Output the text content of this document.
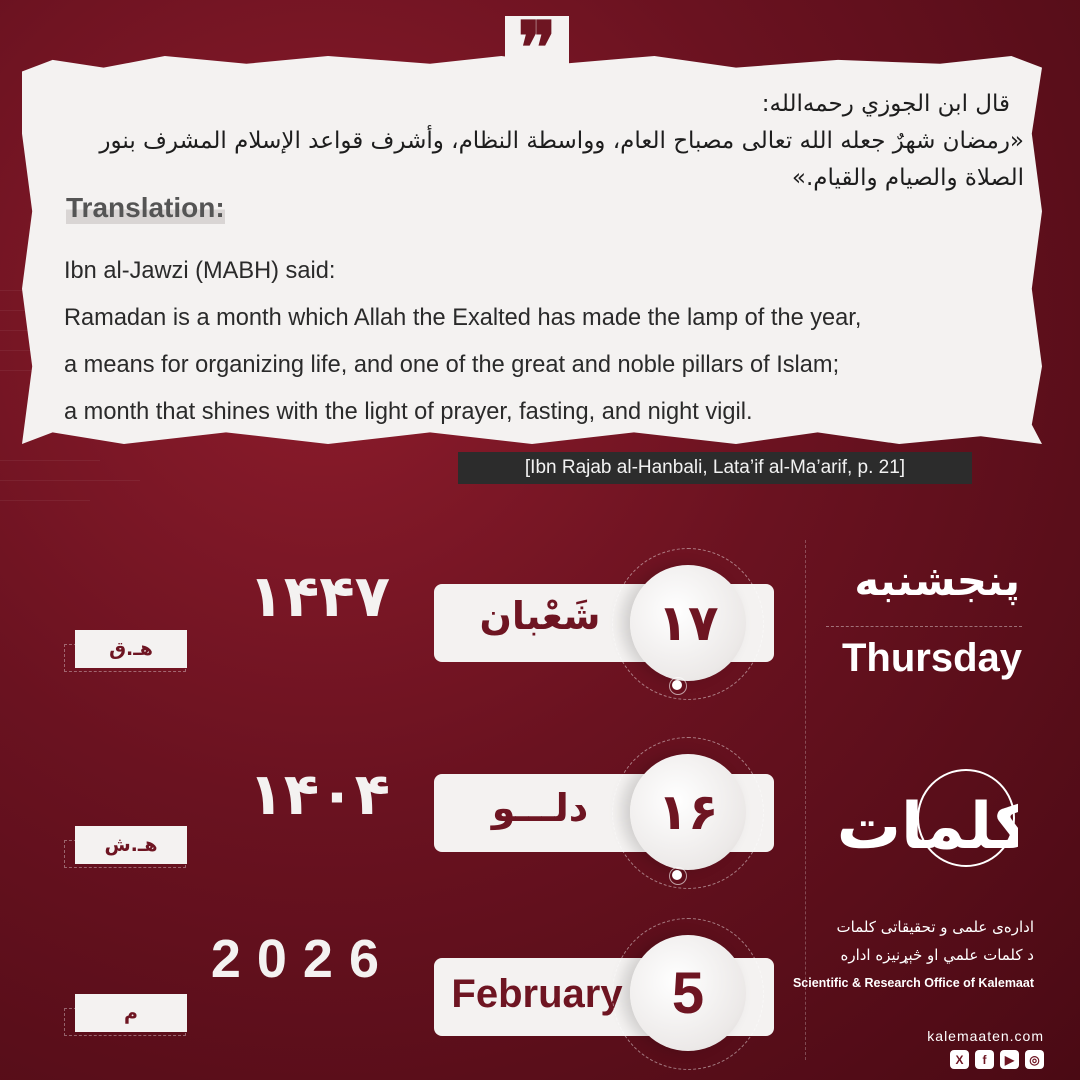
❞
قال ابن الجوزي رحمه‌الله:
«رمضان شهرٌ جعله الله تعالى مصباح العام، وواسطة النظام، وأشرف قواعد الإسلام المشرف بنور
الصلاة والصيام والقيام.»
Translation:
Ibn al-Jawzi (MABH) said:
Ramadan is a month which Allah the Exalted has made the lamp of the year,
a means for organizing life, and one of the great and noble pillars of Islam;
a month that shines with the light of prayer, fasting, and night vigil.
[Ibn Rajab al-Hanbali, Lata’if al-Ma’arif, p. 21]
۱۴۴۷
هـ.ق
شَعْبان	۱۷
۱۴۰۴
هـ.ش
دلـــو	۱۶
2026
م	February 5
پنجشنبه
Thursday
کلمات
اداره‌ی علمی و تحقیقاتی کلمات
د کلمات علمي او څېړنيزه اداره
Scientific & Research Office of Kalemaat
kalemaaten.com
X	f	▶	◎
